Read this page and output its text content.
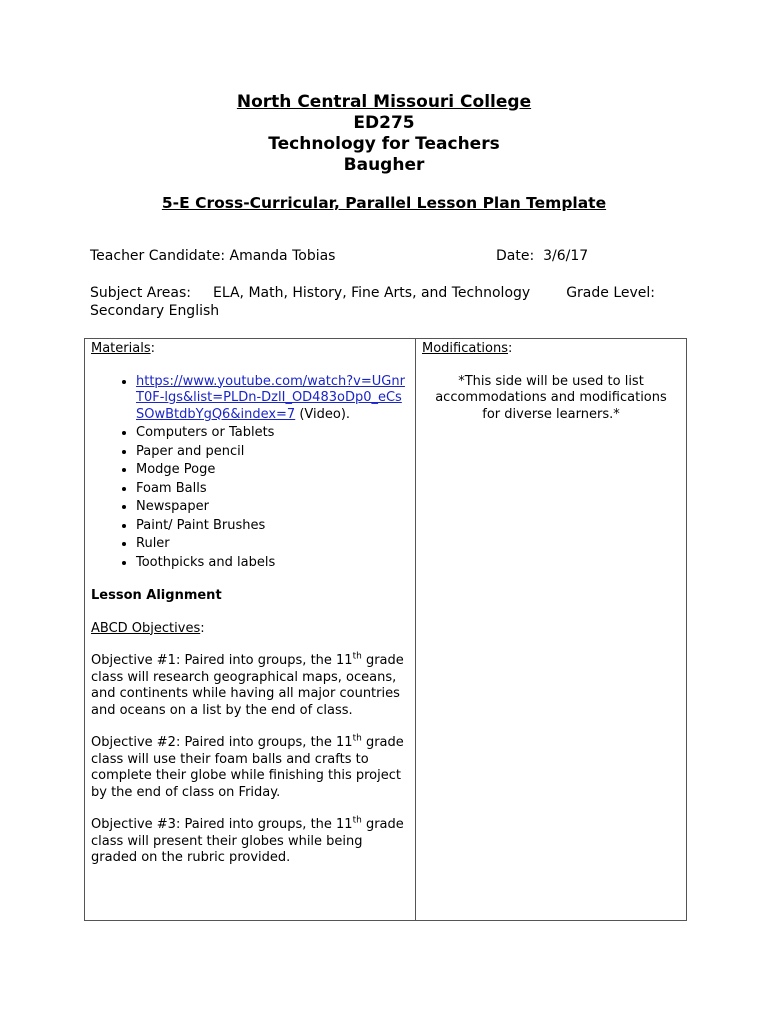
North Central Missouri College
ED275
Technology for Teachers
Baugher
5-E Cross-Curricular, Parallel Lesson Plan Template
Teacher Candidate: Amanda Tobias	Date: 3/6/17
Subject Areas: ELA, Math, History, Fine Arts, and Technology	Grade Level: Secondary English
Materials:
• https://www.youtube.com/watch?v=UGnrT0F-lgs&list=PLDn-DzlI_OD483oDp0_eCsSOwBtdbYgQ6&index=7 (Video).
• Computers or Tablets
• Paper and pencil
• Modge Poge
• Foam Balls
• Newspaper
• Paint/ Paint Brushes
• Ruler
• Toothpicks and labels
Lesson Alignment
ABCD Objectives:
Objective #1: Paired into groups, the 11th grade class will research geographical maps, oceans, and continents while having all major countries and oceans on a list by the end of class.
Objective #2: Paired into groups, the 11th grade class will use their foam balls and crafts to complete their globe while finishing this project by the end of class on Friday.
Objective #3: Paired into groups, the 11th grade class will present their globes while being graded on the rubric provided.

Modifications:
*This side will be used to list accommodations and modifications for diverse learners.*
